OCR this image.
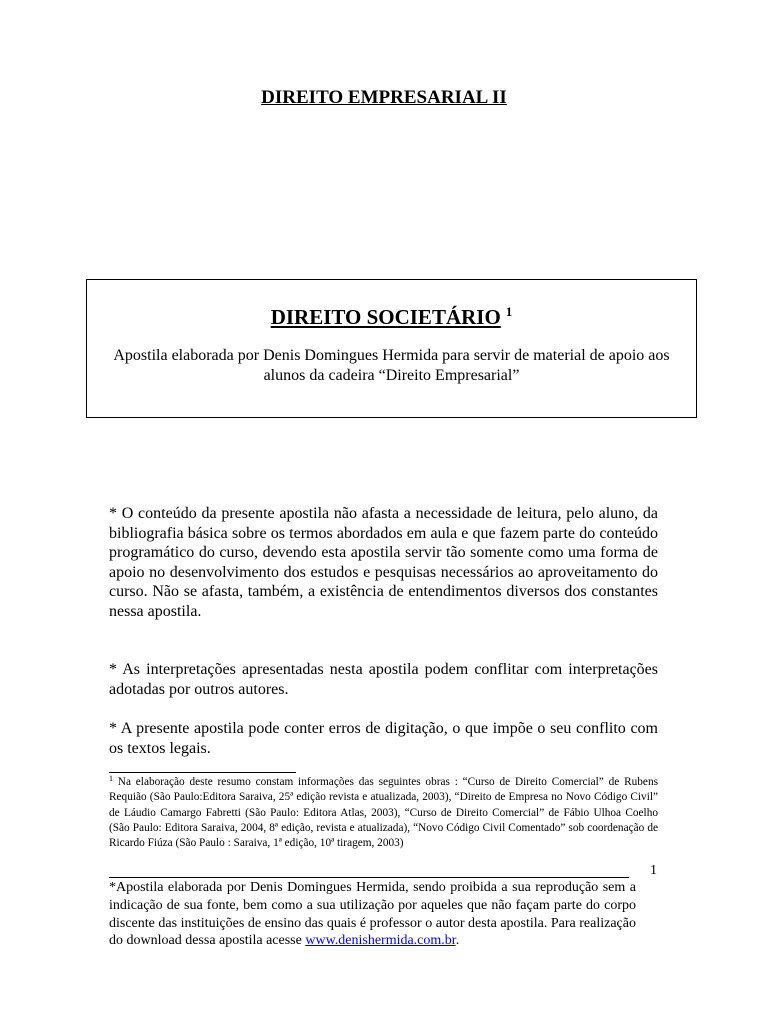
DIREITO EMPRESARIAL II
DIREITO SOCIETÁRIO $^1$
Apostila elaborada por Denis Domingues Hermida para servir de material de apoio aos alunos da cadeira “Direito Empresarial”
* O conteúdo da presente apostila não afasta a necessidade de leitura, pelo aluno, da bibliografia básica sobre os termos abordados em aula e que fazem parte do conteúdo programático do curso, devendo esta apostila servir tão somente como uma forma de apoio no desenvolvimento dos estudos e pesquisas necessários ao aproveitamento do curso. Não se afasta, também, a existência de entendimentos diversos dos constantes nessa apostila.
* As interpretações apresentadas nesta apostila podem conflitar com interpretações adotadas por outros autores.
* A presente apostila pode conter erros de digitação, o que impõe o seu conflito com os textos legais.
$^1$ Na elaboração deste resumo constam informações das seguintes obras : “Curso de Direito Comercial” de Rubens Requião (São Paulo:Editora Saraiva, 25ª edição revista e atualizada, 2003), “Direito de Empresa no Novo Código Civil” de Láudio Camargo Fabretti (São Paulo: Editora Atlas, 2003), “Curso de Direito Comercial” de Fábio Ulhoa Coelho (São Paulo: Editora Saraiva, 2004, 8ª edição, revista e atualizada), “Novo Código Civil Comentado” sob coordenação de Ricardo Fiúza (São Paulo : Saraiva, 1ª edição, 10ª tiragem, 2003)
1
*Apostila elaborada por Denis Domingues Hermida, sendo proibida a sua reprodução sem a indicação de sua fonte, bem como a sua utilização por aqueles que não façam parte do corpo discente das instituições de ensino das quais é professor o autor desta apostila. Para realização do download dessa apostila acesse www.denishermida.com.br.
